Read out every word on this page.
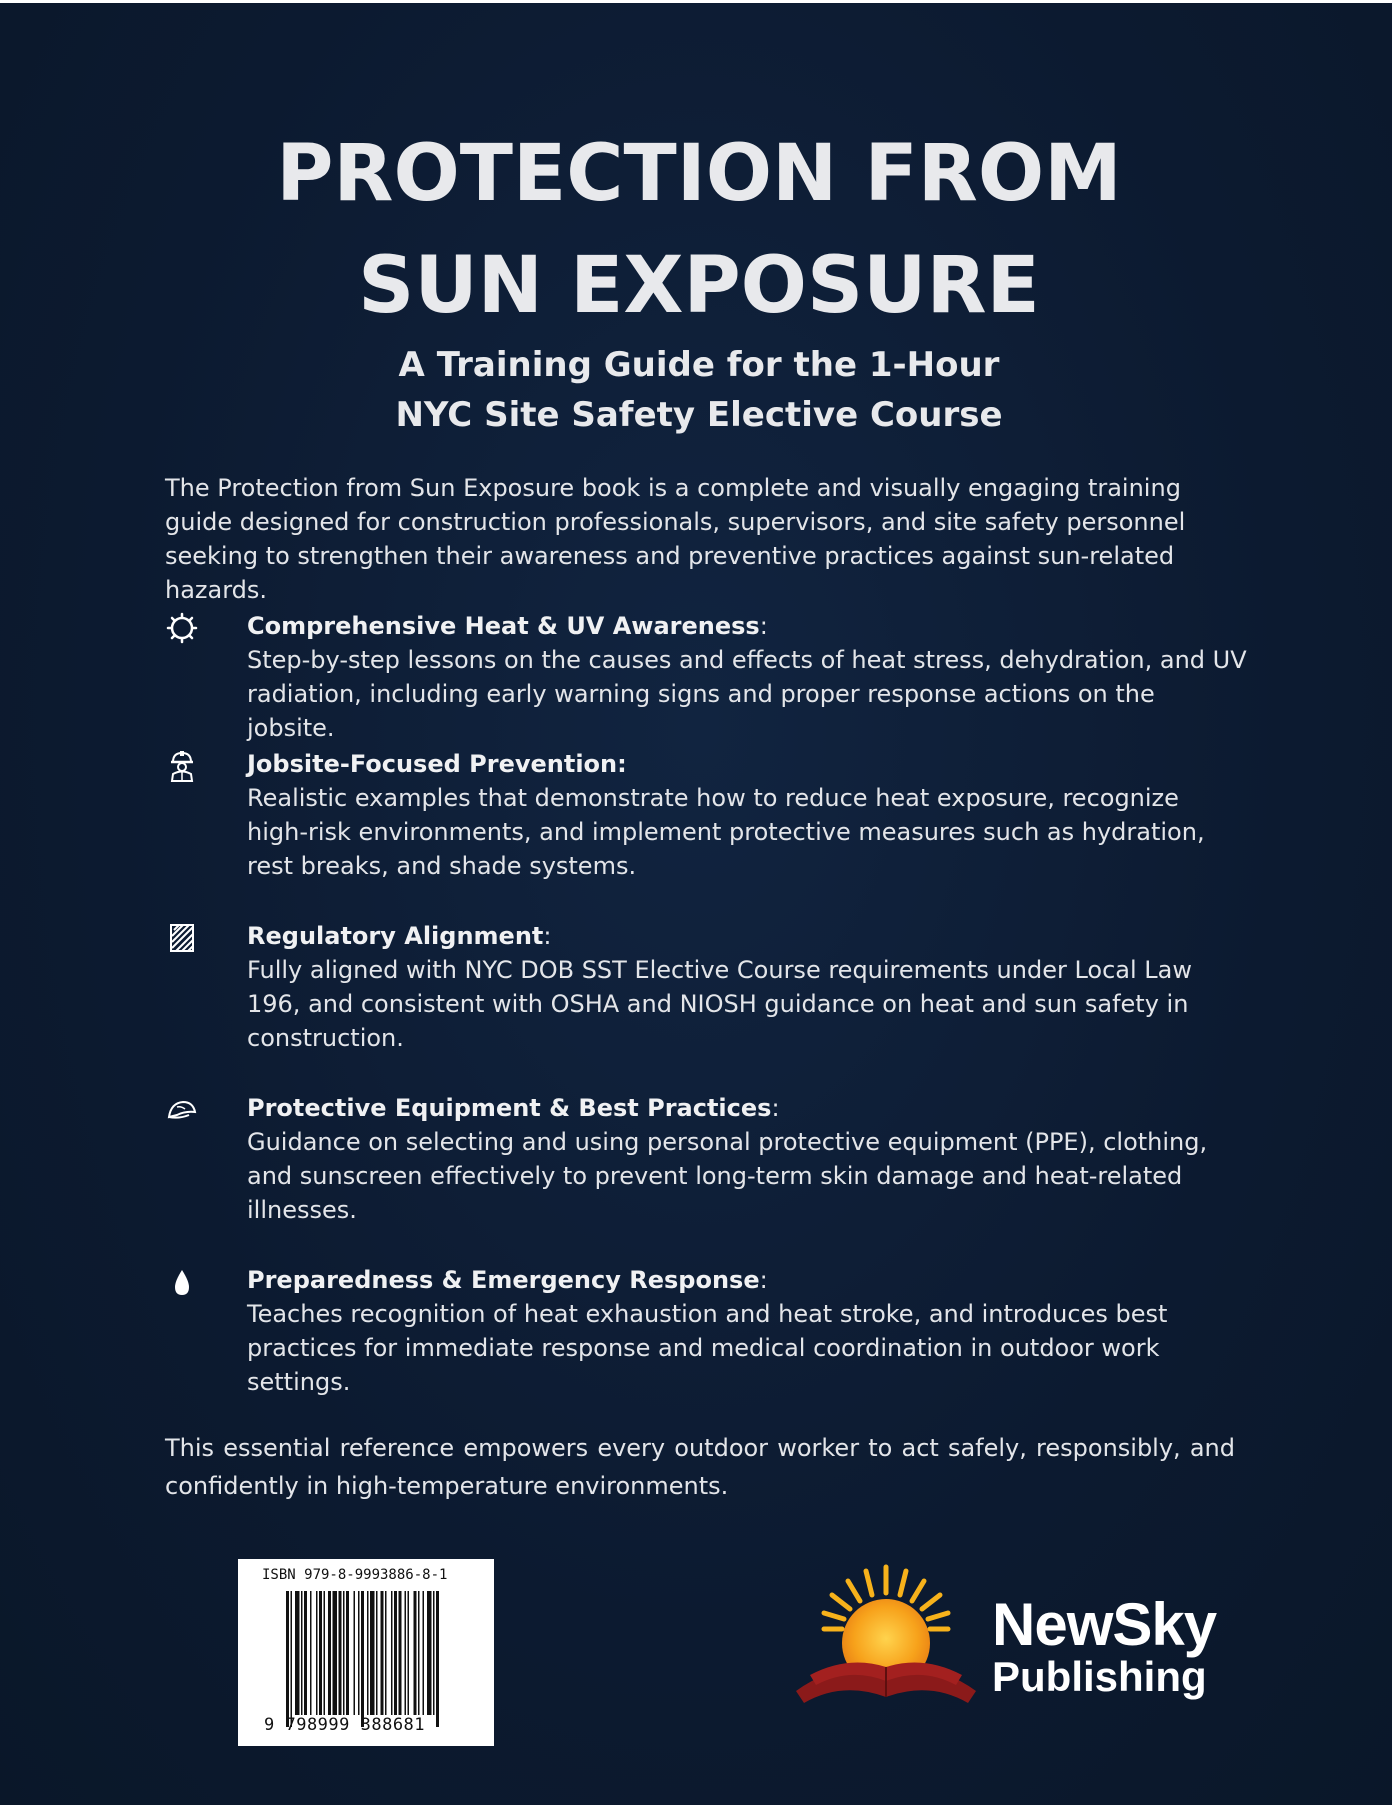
PROTECTION FROM
SUN EXPOSURE
A Training Guide for the 1-Hour
NYC Site Safety Elective Course
The Protection from Sun Exposure book is a complete and visually engaging training guide designed for construction professionals, supervisors, and site safety personnel seeking to strengthen their awareness and preventive practices against sun-related hazards.
Comprehensive Heat & UV Awareness:
Step-by-step lessons on the causes and effects of heat stress, dehydration, and UV radiation, including early warning signs and proper response actions on the jobsite.
Jobsite-Focused Prevention:
Realistic examples that demonstrate how to reduce heat exposure, recognize high-risk environments, and implement protective measures such as hydration, rest breaks, and shade systems.
Regulatory Alignment:
Fully aligned with NYC DOB SST Elective Course requirements under Local Law 196, and consistent with OSHA and NIOSH guidance on heat and sun safety in construction.
Protective Equipment & Best Practices:
Guidance on selecting and using personal protective equipment (PPE), clothing, and sunscreen effectively to prevent long-term skin damage and heat-related illnesses.
Preparedness & Emergency Response:
Teaches recognition of heat exhaustion and heat stroke, and introduces best practices for immediate response and medical coordination in outdoor work settings.
This essential reference empowers every outdoor worker to act safely, responsibly, and confidently in high-temperature environments.
ISBN 979-8-9993886-8-1
9 798999 388681
NewSky
Publishing
